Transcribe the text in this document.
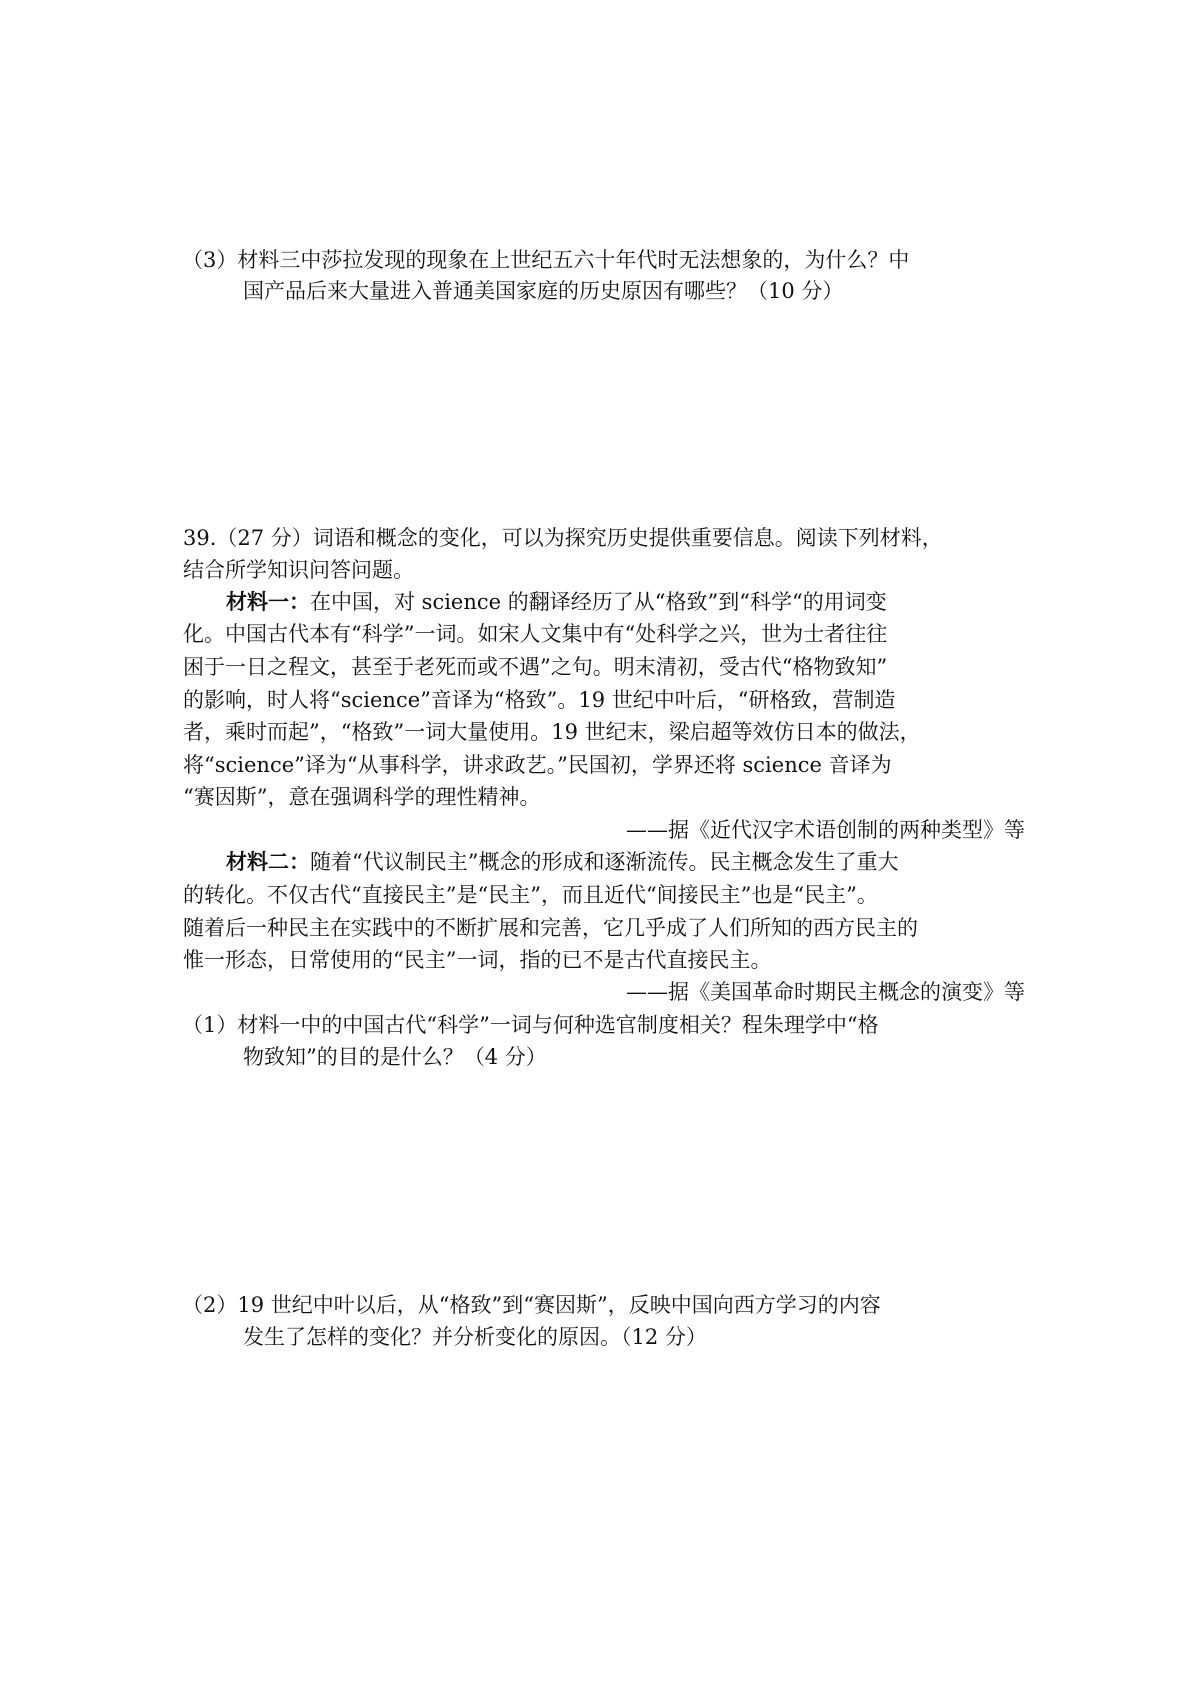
（3）材料三中莎拉发现的现象在上世纪五六十年代时无法想象的，为什么？中
国产品后来大量进入普通美国家庭的历史原因有哪些？（10 分）
39.（27 分）词语和概念的变化，可以为探究历史提供重要信息。阅读下列材料，
结合所学知识问答问题。
材料一：在中国，对 science 的翻译经历了从“格致”到“科学“的用词变
化。中国古代本有“科学”一词。如宋人文集中有“处科学之兴，世为士者往往
困于一日之程文，甚至于老死而或不遇”之句。明末清初，受古代“格物致知”
的影响，时人将“science”音译为“格致”。19 世纪中叶后，“研格致，营制造
者，乘时而起”，“格致”一词大量使用。19 世纪末，梁启超等效仿日本的做法，
将“science”译为“从事科学，讲求政艺。”民国初，学界还将 science 音译为
“赛因斯”，意在强调科学的理性精神。
——据《近代汉字术语创制的两种类型》等
材料二：随着“代议制民主”概念的形成和逐渐流传。民主概念发生了重大
的转化。不仅古代“直接民主”是“民主”，而且近代“间接民主”也是“民主”。
随着后一种民主在实践中的不断扩展和完善，它几乎成了人们所知的西方民主的
惟一形态，日常使用的“民主”一词，指的已不是古代直接民主。
——据《美国革命时期民主概念的演变》等
（1）材料一中的中国古代“科学”一词与何种选官制度相关？程朱理学中“格
物致知”的目的是什么？（4 分）
（2）19 世纪中叶以后，从“格致”到“赛因斯”，反映中国向西方学习的内容
发生了怎样的变化？并分析变化的原因。（12 分）
